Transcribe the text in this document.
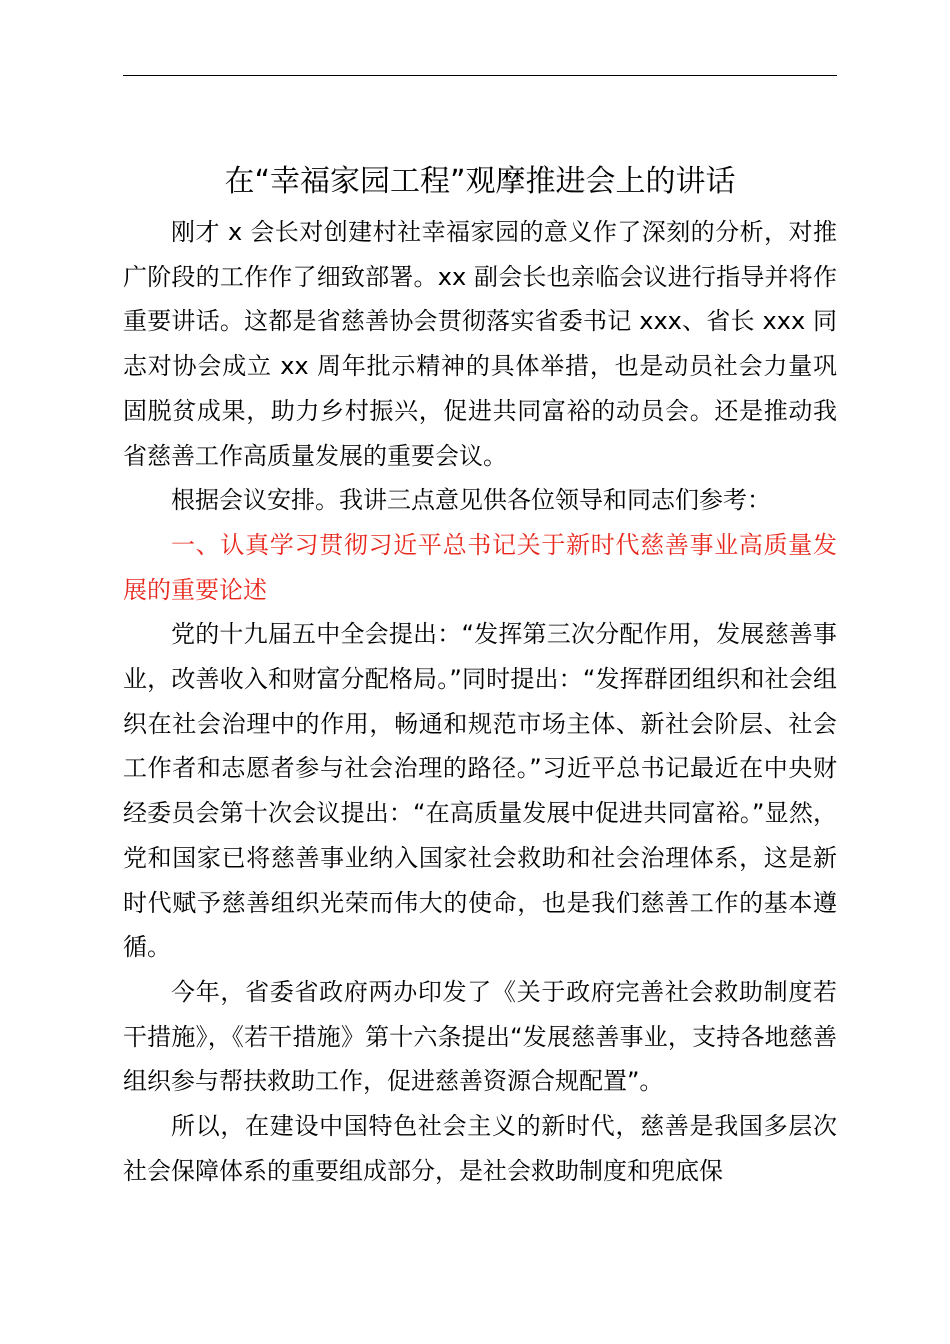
在“幸福家园工程”观摩推进会上的讲话

刚才 x 会长对创建村社幸福家园的意义作了深刻的分析，对推广阶段的工作作了细致部署。xx 副会长也亲临会议进行指导并将作重要讲话。这都是省慈善协会贯彻落实省委书记 xxx、省长 xxx 同志对协会成立 xx 周年批示精神的具体举措，也是动员社会力量巩固脱贫成果，助力乡村振兴，促进共同富裕的动员会。还是推动我省慈善工作高质量发展的重要会议。

根据会议安排。我讲三点意见供各位领导和同志们参考：

一、认真学习贯彻习近平总书记关于新时代慈善事业高质量发展的重要论述

党的十九届五中全会提出：“发挥第三次分配作用，发展慈善事业，改善收入和财富分配格局。”同时提出：“发挥群团组织和社会组织在社会治理中的作用，畅通和规范市场主体、新社会阶层、社会工作者和志愿者参与社会治理的路径。”习近平总书记最近在中央财经委员会第十次会议提出：“在高质量发展中促进共同富裕。”显然，党和国家已将慈善事业纳入国家社会救助和社会治理体系，这是新时代赋予慈善组织光荣而伟大的使命，也是我们慈善工作的基本遵循。

今年，省委省政府两办印发了《关于政府完善社会救助制度若干措施》，《若干措施》第十六条提出“发展慈善事业，支持各地慈善组织参与帮扶救助工作，促进慈善资源合规配置”。

所以，在建设中国特色社会主义的新时代，慈善是我国多层次社会保障体系的重要组成部分，是社会救助制度和兜底保
